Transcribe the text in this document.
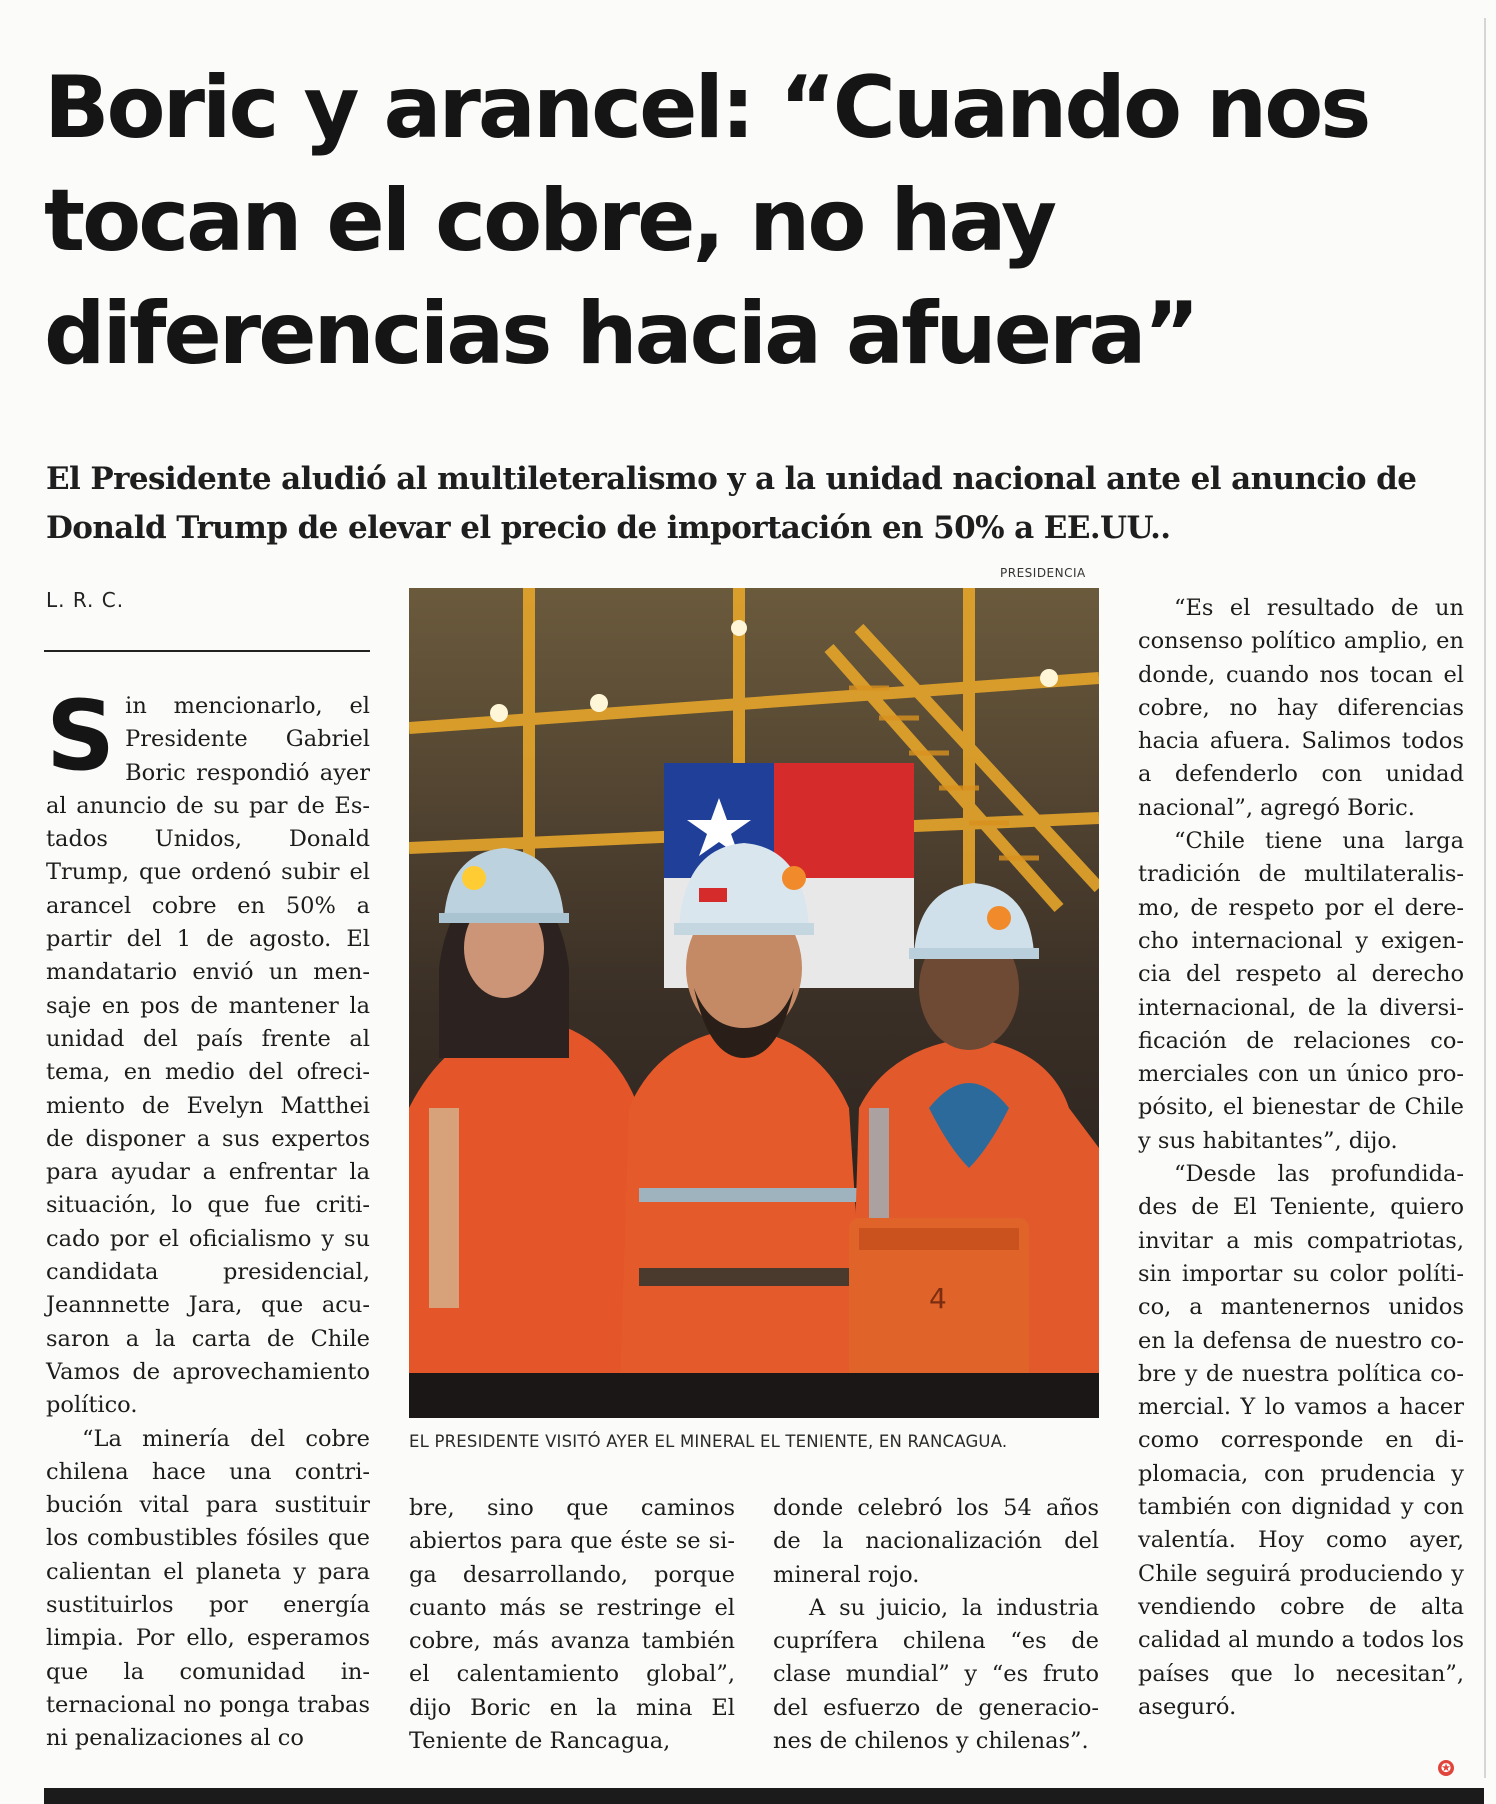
Boric y arancel: “Cuando nos tocan el cobre, no hay diferencias hacia afuera”

El Presidente aludió al multileteralismo y a la unidad nacional ante el anuncio de Donald Trump de elevar el precio de importación en 50% a EE.UU..

L. R. C.

Sin mencionarlo, el Presidente Gabriel Boric respondió ayer al anuncio de su par de Estados Unidos, Donald Trump, que ordenó subir el arancel cobre en 50% a partir del 1 de agosto. El mandatario envió un mensaje en pos de mantener la unidad del país frente al tema, en medio del ofrecimiento de Evelyn Matthei de disponer a sus expertos para ayudar a enfrentar la situación, lo que fue criticado por el oficialismo y su candidata presidencial, Jeannnette Jara, que acusaron a la carta de Chile Vamos de aprovechamiento político.

“La minería del cobre chilena hace una contribución vital para sustituir los combustibles fósiles que calientan el planeta y para sustituirlos por energía limpia. Por ello, esperamos que la comunidad internacional no ponga trabas ni penalizaciones al co

PRESIDENCIA
4
EL PRESIDENTE VISITÓ AYER EL MINERAL EL TENIENTE, EN RANCAGUA.

bre, sino que caminos abiertos para que éste se siga desarrollando, porque cuanto más se restringe el cobre, más avanza también el calentamiento global”, dijo Boric en la mina El Teniente de Rancagua,

donde celebró los 54 años de la nacionalización del mineral rojo.

A su juicio, la industria cuprífera chilena “es de clase mundial” y “es fruto del esfuerzo de generaciones de chilenos y chilenas”.

“Es el resultado de un consenso político amplio, en donde, cuando nos tocan el cobre, no hay diferencias hacia afuera. Salimos todos a defenderlo con unidad nacional”, agregó Boric.

“Chile tiene una larga tradición de multilateralismo, de respeto por el derecho internacional y exigencia del respeto al derecho internacional, de la diversificación de relaciones comerciales con un único propósito, el bienestar de Chile y sus habitantes”, dijo.

“Desde las profundidades de El Teniente, quiero invitar a mis compatriotas, sin importar su color político, a mantenernos unidos en la defensa de nuestro cobre y de nuestra política comercial. Y lo vamos a hacer como corresponde en diplomacia, con prudencia y también con dignidad y con valentía. Hoy como ayer, Chile seguirá produciendo y vendiendo cobre de alta calidad al mundo a todos los países que lo necesitan”, aseguró.

✪
